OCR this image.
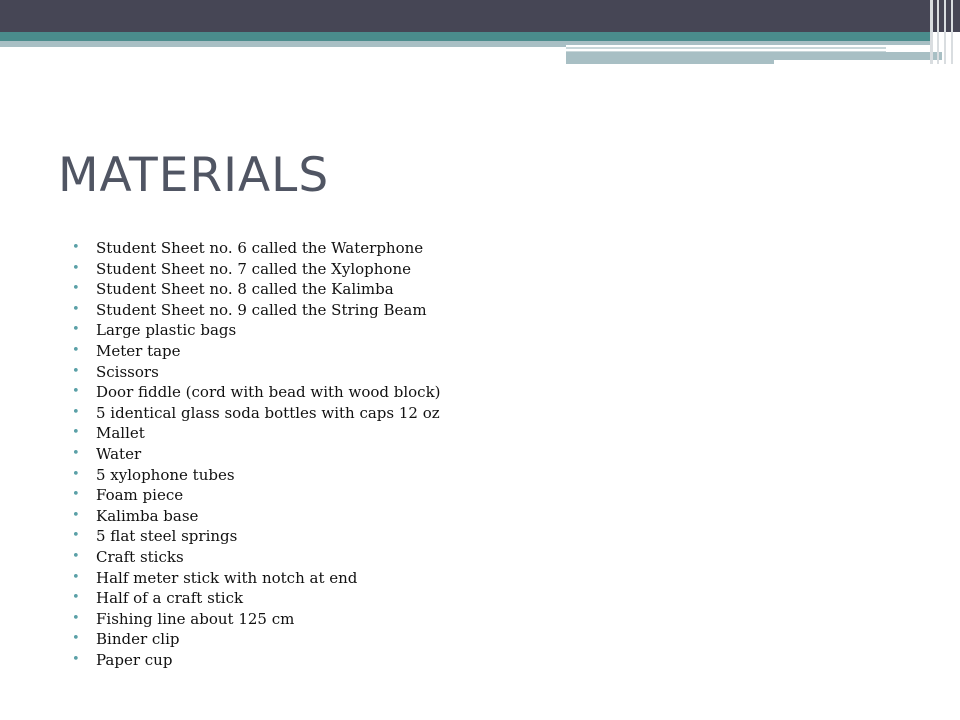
MATERIALS
• Student Sheet no. 6 called the Waterphone
• Student Sheet no. 7 called the Xylophone
• Student Sheet no. 8 called the Kalimba
• Student Sheet no. 9 called the String Beam
• Large plastic bags
• Meter tape
• Scissors
• Door fiddle (cord with bead with wood block)
• 5 identical glass soda bottles with caps 12 oz
• Mallet
• Water
• 5 xylophone tubes
• Foam piece
• Kalimba base
• 5 flat steel springs
• Craft sticks
• Half meter stick with notch at end
• Half of a craft stick
• Fishing line about 125 cm
• Binder clip
• Paper cup
